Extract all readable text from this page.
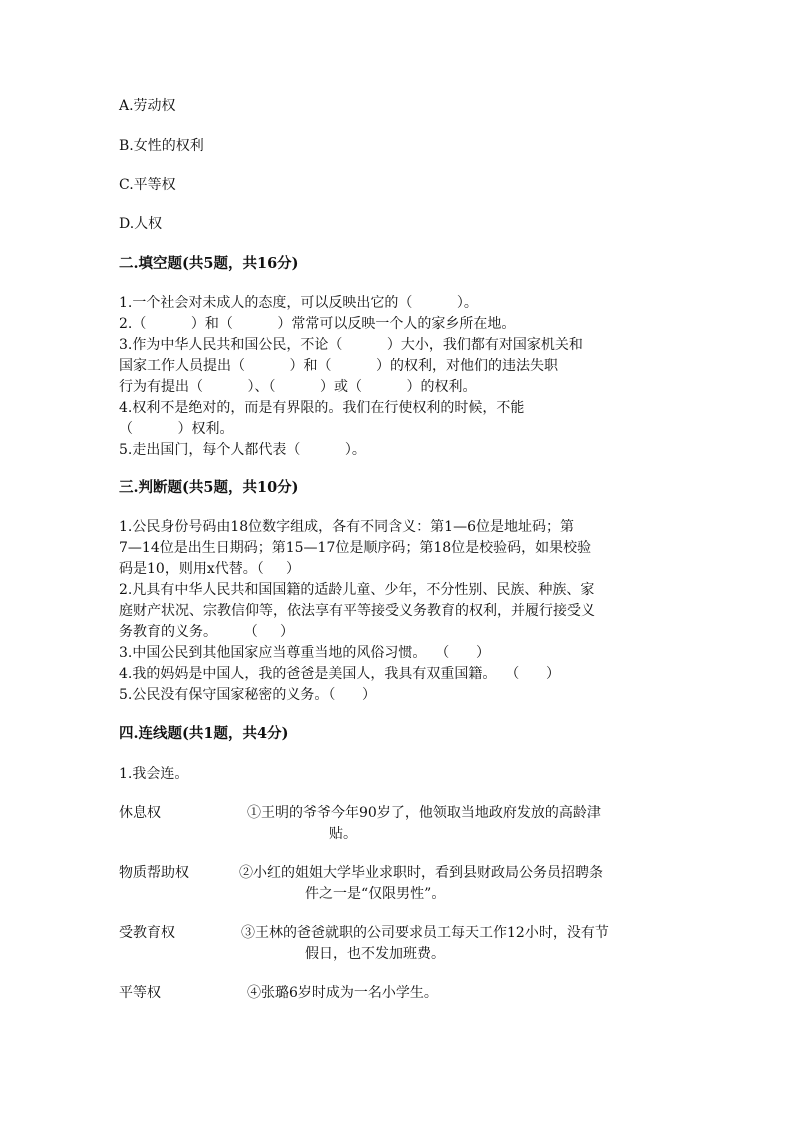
A.劳动权
B.女性的权利
C.平等权
D.人权
二.填空题(共5题，共16分)
1.一个社会对未成人的态度，可以反映出它的（          ）。
2.（          ）和（          ）常常可以反映一个人的家乡所在地。
3.作为中华人民共和国公民，不论（          ）大小，我们都有对国家机关和
国家工作人员提出（          ）和（          ）的权利，对他们的违法失职
行为有提出（          ）、（          ）或（          ）的权利。
4.权利不是绝对的，而是有界限的。我们在行使权利的时候，不能
（          ）权利。
5.走出国门，每个人都代表（          ）。
三.判断题(共5题，共10分)
1.公民身份号码由18位数字组成，各有不同含义：第1—6位是地址码；第
7—14位是出生日期码；第15—17位是顺序码；第18位是校验码，如果校验
码是10，则用x代替。（     ）
2.凡具有中华人民共和国国籍的适龄儿童、少年，不分性别、民族、种族、家
庭财产状况、宗教信仰等，依法享有平等接受义务教育的权利，并履行接受义
务教育的义务。      （     ）
3.中国公民到其他国家应当尊重当地的风俗习惯。  （      ）
4.我的妈妈是中国人，我的爸爸是美国人，我具有双重国籍。  （      ）
5.公民没有保守国家秘密的义务。（      ）
四.连线题(共1题，共4分)
1.我会连。
休息权	①王明的爷爷今年90岁了，他领取当地政府发放的高龄津
贴。
物质帮助权	②小红的姐姐大学毕业求职时，看到县财政局公务员招聘条
件之一是“仅限男性”。
受教育权	③王林的爸爸就职的公司要求员工每天工作12小时，没有节
假日，也不发加班费。
平等权	④张璐6岁时成为一名小学生。
